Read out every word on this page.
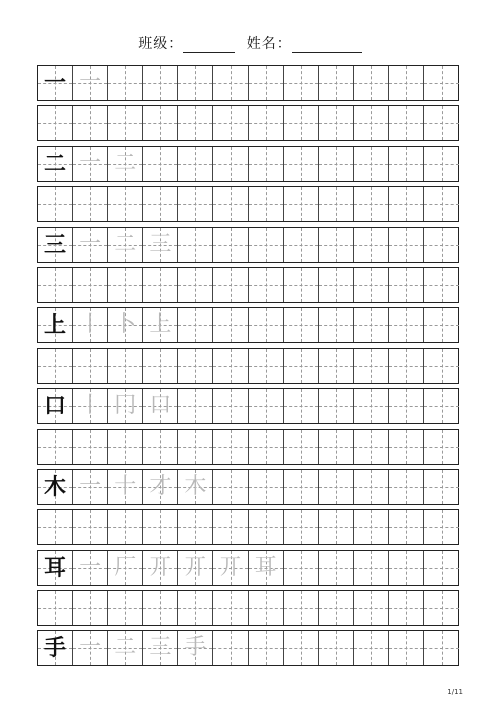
班级：	姓名：
一 一
二 一 二
三 一 二 三
上 丨 卜 上
口 丨 冂 口
木 一 十 才 木
耳 一 厂 丌 丌 丌 耳
手 一 二 三 手
1/11
